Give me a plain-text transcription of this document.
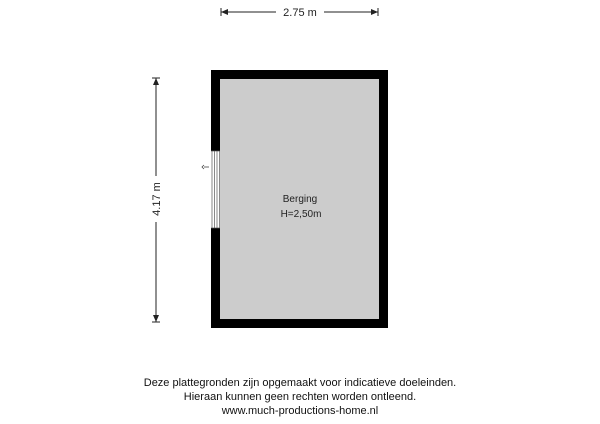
2.75 m
4.17 m	Berging
H=2,50m
Deze plattegronden zijn opgemaakt voor indicatieve doeleinden.
Hieraan kunnen geen rechten worden ontleend.
www.much-productions-home.nl
